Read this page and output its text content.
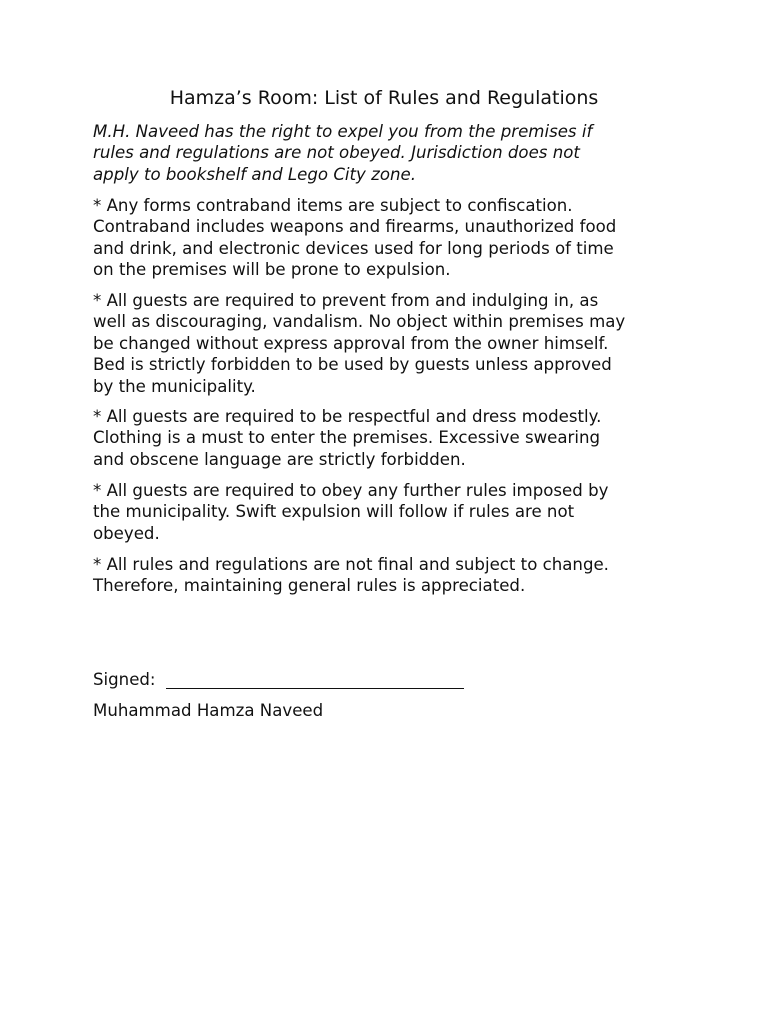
Hamza’s Room: List of Rules and Regulations
M.H. Naveed has the right to expel you from the premises if
rules and regulations are not obeyed. Jurisdiction does not
apply to bookshelf and Lego City zone.
* Any forms contraband items are subject to confiscation.
Contraband includes weapons and firearms, unauthorized food
and drink, and electronic devices used for long periods of time
on the premises will be prone to expulsion.
* All guests are required to prevent from and indulging in, as
well as discouraging, vandalism. No object within premises may
be changed without express approval from the owner himself.
Bed is strictly forbidden to be used by guests unless approved
by the municipality.
* All guests are required to be respectful and dress modestly.
Clothing is a must to enter the premises. Excessive swearing
and obscene language are strictly forbidden.
* All guests are required to obey any further rules imposed by
the municipality. Swift expulsion will follow if rules are not
obeyed.
* All rules and regulations are not final and subject to change.
Therefore, maintaining general rules is appreciated.
Signed:
Muhammad Hamza Naveed
